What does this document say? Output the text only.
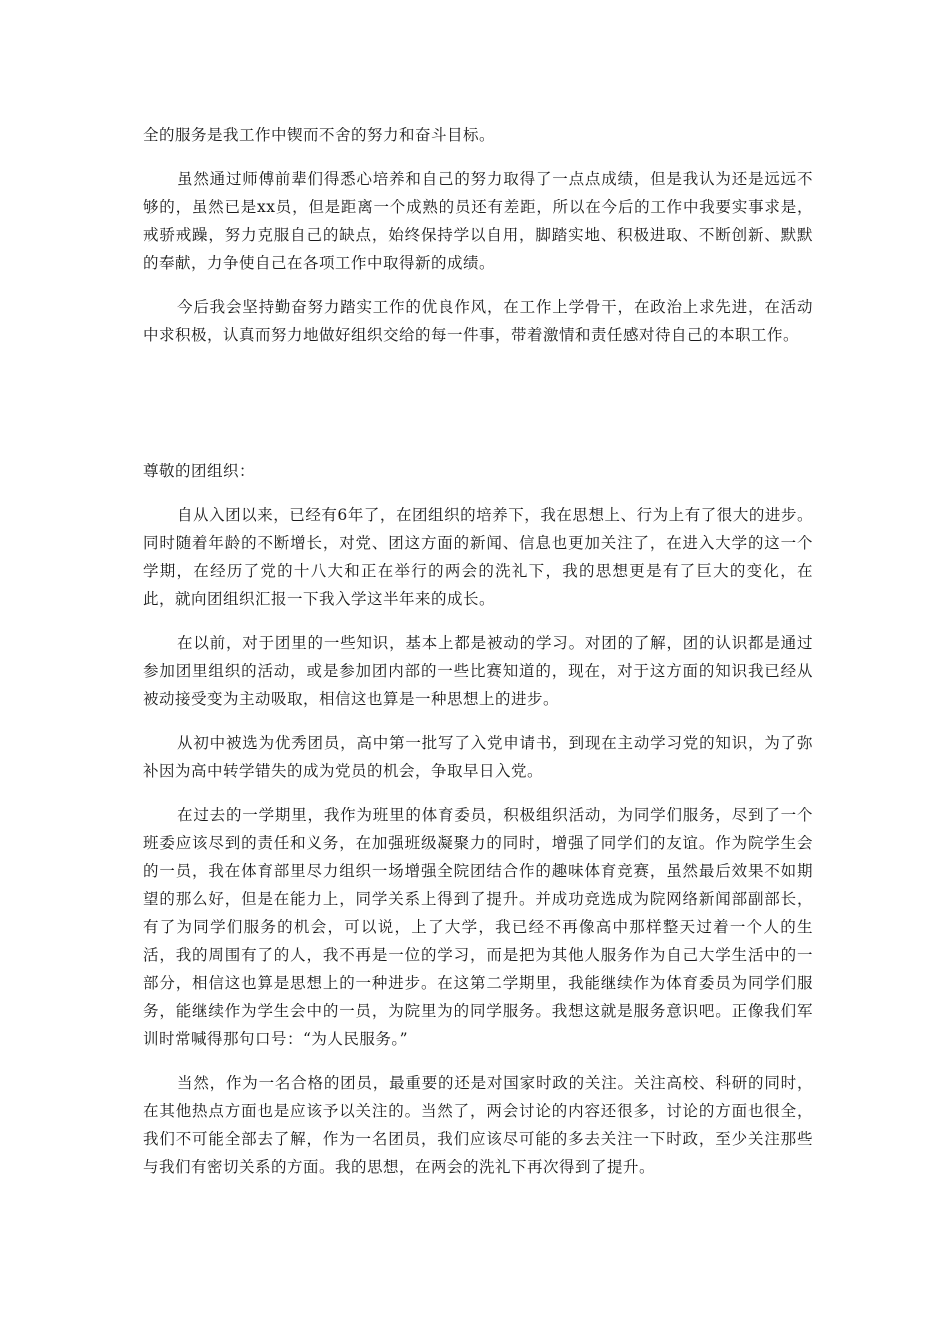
全的服务是我工作中锲而不舍的努力和奋斗目标。

虽然通过师傅前辈们得悉心培养和自己的努力取得了一点点成绩，但是我认为还是远远不够的，虽然已是xx员，但是距离一个成熟的员还有差距，所以在今后的工作中我要实事求是，戒骄戒躁，努力克服自己的缺点，始终保持学以自用，脚踏实地、积极进取、不断创新、默默的奉献，力争使自己在各项工作中取得新的成绩。

今后我会坚持勤奋努力踏实工作的优良作风，在工作上学骨干，在政治上求先进，在活动中求积极，认真而努力地做好组织交给的每一件事，带着激情和责任感对待自己的本职工作。

尊敬的团组织：

自从入团以来，已经有6年了，在团组织的培养下，我在思想上、行为上有了很大的进步。同时随着年龄的不断增长，对党、团这方面的新闻、信息也更加关注了，在进入大学的这一个学期，在经历了党的十八大和正在举行的两会的洗礼下，我的思想更是有了巨大的变化，在此，就向团组织汇报一下我入学这半年来的成长。

在以前，对于团里的一些知识，基本上都是被动的学习。对团的了解，团的认识都是通过参加团里组织的活动，或是参加团内部的一些比赛知道的，现在，对于这方面的知识我已经从被动接受变为主动吸取，相信这也算是一种思想上的进步。

从初中被选为优秀团员，高中第一批写了入党申请书，到现在主动学习党的知识，为了弥补因为高中转学错失的成为党员的机会，争取早日入党。

在过去的一学期里，我作为班里的体育委员，积极组织活动，为同学们服务，尽到了一个班委应该尽到的责任和义务，在加强班级凝聚力的同时，增强了同学们的友谊。作为院学生会的一员，我在体育部里尽力组织一场增强全院团结合作的趣味体育竞赛，虽然最后效果不如期望的那么好，但是在能力上，同学关系上得到了提升。并成功竞选成为院网络新闻部副部长，有了为同学们服务的机会，可以说，上了大学，我已经不再像高中那样整天过着一个人的生活，我的周围有了的人，我不再是一位的学习，而是把为其他人服务作为自己大学生活中的一部分，相信这也算是思想上的一种进步。在这第二学期里，我能继续作为体育委员为同学们服务，能继续作为学生会中的一员，为院里为的同学服务。我想这就是服务意识吧。正像我们军训时常喊得那句口号：“为人民服务。”

当然，作为一名合格的团员，最重要的还是对国家时政的关注。关注高校、科研的同时，在其他热点方面也是应该予以关注的。当然了，两会讨论的内容还很多，讨论的方面也很全，我们不可能全部去了解，作为一名团员，我们应该尽可能的多去关注一下时政，至少关注那些与我们有密切关系的方面。我的思想，在两会的洗礼下再次得到了提升。
